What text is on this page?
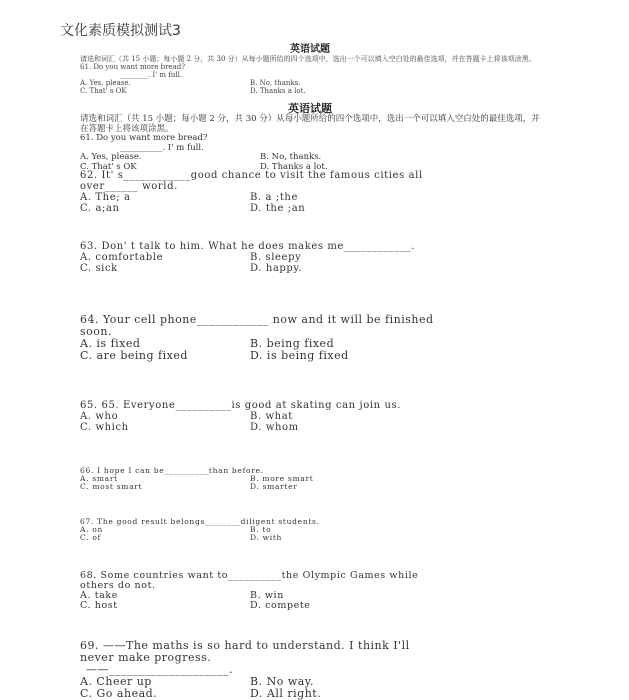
文化素质模拟测试3

英语试题

请选和词汇（共 15 小题；每小题 2 分，共 30 分）从每小题所给的四个选项中，选出一个可以填入空白处的最佳选项，并在答题卡上将该项涂黑。

61. Do you want more bread?

________. I' m full.

A. Yes, please.	B. No, thanks.
C. That' s OK	D. Thanks a lot.

英语试题

请选和词汇（共 15 小题；每小题 2 分，共 30 分）从每小题所给的四个选项中，选出一个可以填入空白处的最佳选项，并在答题卡上将该项涂黑。

61. Do you want more bread?

__________. I' m full.

A. Yes, please.	B. No, thanks.
C. That' s OK	D. Thanks a lot.

62. It' s____________good chance to visit the famous cities all over______ world.

A. The; a	B. a ;the
C. a;an	D. the ;an

63. Don' t talk to him. What he does makes me____________.

A. comfortable	B. sleepy
C. sick	D. happy.

64. Your cell phone____________ now and it will be finished

soon.

A. is fixed	B. being fixed
C. are being fixed	D. is being fixed

65. 65. Everyone__________is good at skating can join us.

A. who	B. what
C. which	D. whom

66. I hope I can be__________than before.

A. smart	B. more smart
C. most smart	D. smarter

67. The good result belongs________diligent students.

A. on	B. to
C. of	D. with

68. Some countries want to__________the Olympic Games while others do not.

A. take	B. win
C. host	D. compete

69. ——The maths is so hard to understand. I think I'll never make progress.

——____________________.

A. Cheer up	B. No way.
C. Go ahead.	D. All right.
